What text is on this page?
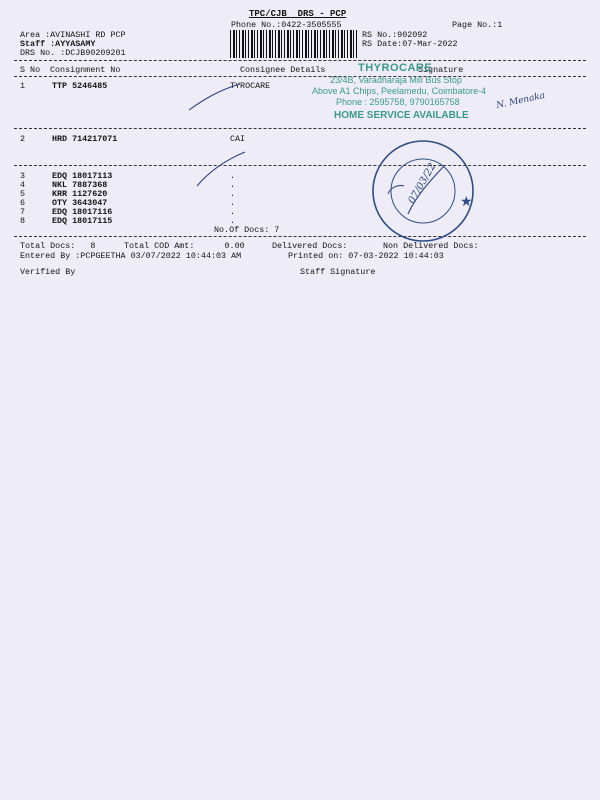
TPC/CJB  DRS - PCP
Phone No.:0422-3505555	Page No.:1
Area :AVINASHI RD PCP
Staff :AYYASAMY
DRS No. :DCJB90209201
RS No.:902092
RS Date:07-Mar-2022
S No Consignment No	Consignee Details	Signature
1	TTP 5246485	TYROCARE
2	HRD 714217071	CAI
3	EDQ 18017113	.
4	NKL 7887368	.
5	KRR 1127620	.
6	OTY 3643047	.
7	EDQ 18017116	.
8	EDQ 18017115	.
No.Of Docs: 7
Total Docs:   8	Total COD Amt:      0.00	Delivered Docs:	Non Delivered Docs:
Entered By :PCPGEETHA 03/07/2022 10:44:03 AM	Printed on: 07-03-2022 10:44:03
Verified By	Staff Signature
THYROCARE
23/4B, Varadharaja Mill Bus Stop
Above A1 Chips, Peelamedu, Coimbatore-4
Phone : 2595758, 9790165758
HOME SERVICE AVAILABLE
N. Menaka
★
07/03/22
